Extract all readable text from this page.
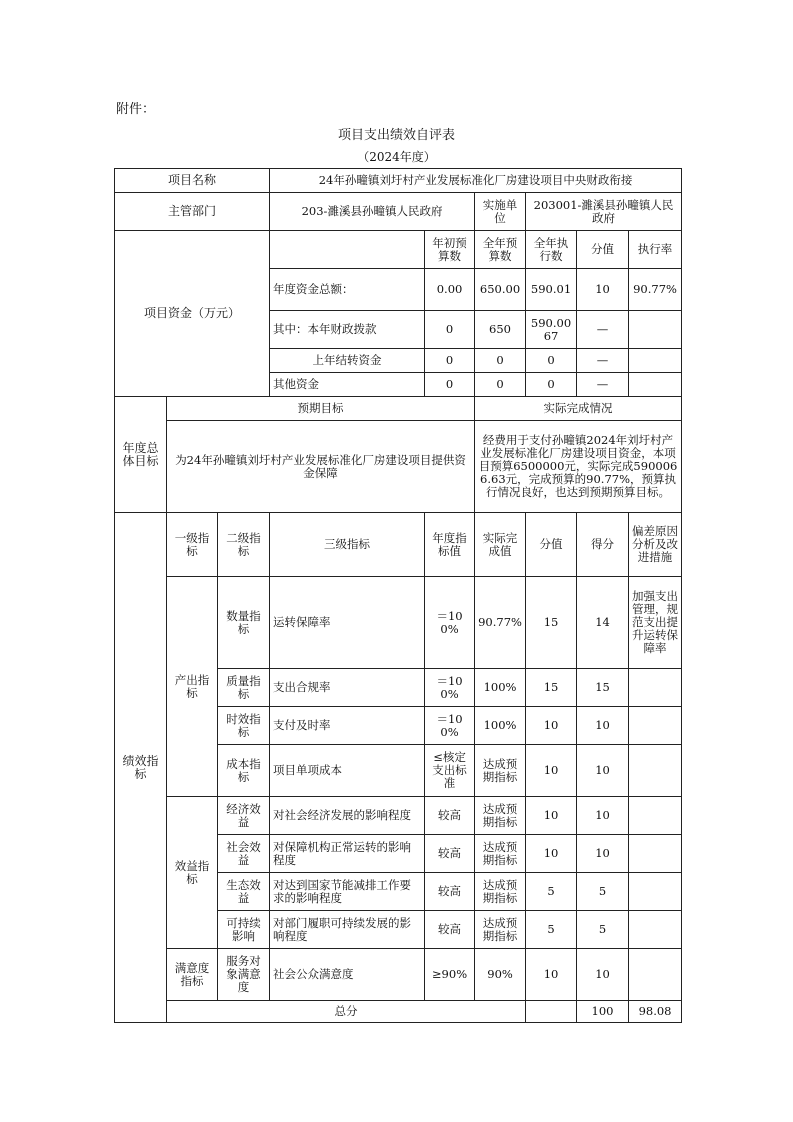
附件：
项目支出绩效自评表
（2024年度）
项目名称			24年孙疃镇刘圩村产业发展标准化厂房建设项目中央财政衔接						
主管部门			203-濉溪县孙疃镇人民政府		实施单位	203001-濉溪县孙疃镇人民政府			
项目资金（万元）				年初预算数	全年预算数	全年执行数	分值	执行率	
			年度资金总额：	0.00	650.00	590.01	10	90.77%	
			其中：本年财政拨款	0	650	590.0067	—		
			上年结转资金	0	0	0	—		
			其他资金	0	0	0	—		
年度总体目标	预期目标				实际完成情况				
	为24年孙疃镇刘圩村产业发展标准化厂房建设项目提供资金保障				经费用于支付孙疃镇2024年刘圩村产业发展标准化厂房建设项目资金，本项目预算6500000元，实际完成5900066.63元，完成预算的90.77%，预算执行情况良好，也达到预期预算目标。				
绩效指标	一级指标	二级指标	三级指标	年度指标值	实际完成值	分值	得分	偏差原因分析及改进措施	
	产出指标	数量指标	运转保障率	＝100%	90.77%	15	14	加强支出管理，规范支出提升运转保障率	
		质量指标	支出合规率	＝100%	100%	15	15		
		时效指标	支付及时率	＝100%	100%	10	10		
		成本指标	项目单项成本	≤核定支出标准	达成预期指标	10	10		
	效益指标	经济效益	对社会经济发展的影响程度	较高	达成预期指标	10	10		
		社会效益	对保障机构正常运转的影响程度	较高	达成预期指标	10	10		
		生态效益	对达到国家节能减排工作要求的影响程度	较高	达成预期指标	5	5		
		可持续影响	对部门履职可持续发展的影响程度	较高	达成预期指标	5	5		
	满意度指标	服务对象满意度	社会公众满意度	≥90%	90%	10	10		
	总分						100	98.08	
